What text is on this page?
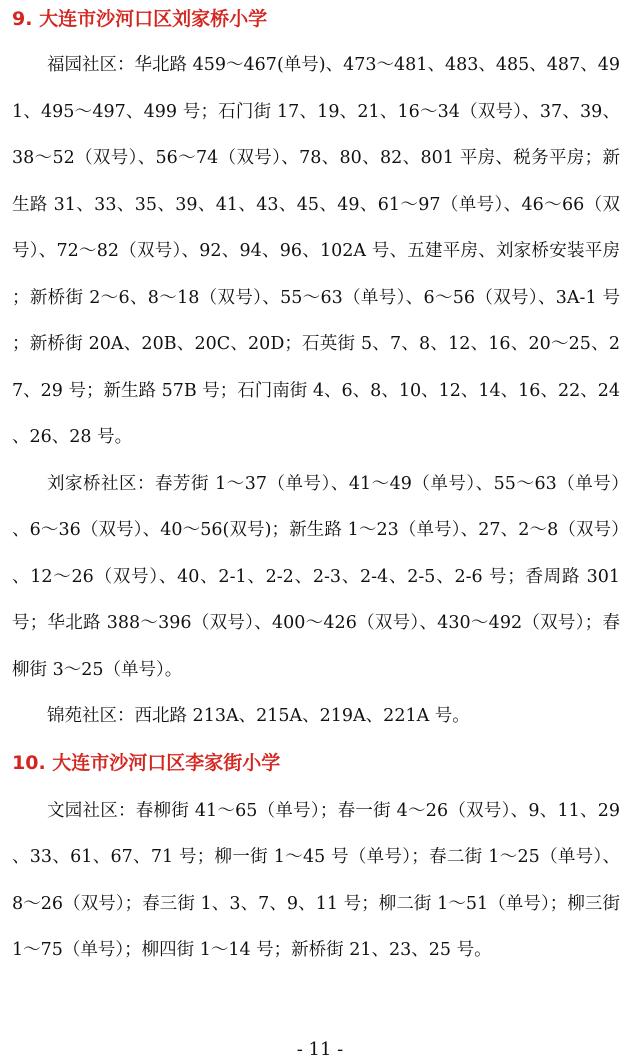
9. 大连市沙河口区刘家桥小学

福园社区：华北路 459～467(单号)、473～481、483、485、487、491、495～497、499 号；石门街 17、19、21、16～34（双号）、37、39、38～52（双号）、56～74（双号）、78、80、82、801 平房、税务平房；新生路 31、33、35、39、41、43、45、49、61～97（单号）、46～66（双号）、72～82（双号）、92、94、96、102A 号、五建平房、刘家桥安装平房；新桥街 2～6、8～18（双号）、55～63（单号）、6～56（双号）、3A-1 号；新桥街 20A、20B、20C、20D；石英街 5、7、8、12、16、20～25、27、29 号；新生路 57B 号；石门南街 4、6、8、10、12、14、16、22、24、26、28 号。

刘家桥社区：春芳街 1～37（单号）、41～49（单号）、55～63（单号）、6～36（双号）、40～56(双号)；新生路 1～23（单号）、27、2～8（双号）、12～26（双号）、40、2-1、2-2、2-3、2-4、2-5、2-6 号；香周路 301 号；华北路 388～396（双号）、400～426（双号）、430～492（双号）；春柳街 3～25（单号）。

锦苑社区：西北路 213A、215A、219A、221A 号。

10. 大连市沙河口区李家街小学

文园社区：春柳街 41～65（单号）；春一街 4～26（双号）、9、11、29、33、61、67、71 号；柳一街 1～45 号（单号）；春二街 1～25（单号）、8～26（双号）；春三街 1、3、7、9、11 号；柳二街 1～51（单号）；柳三街 1～75（单号）；柳四街 1～14 号；新桥街 21、23、25 号。

- 11 -
